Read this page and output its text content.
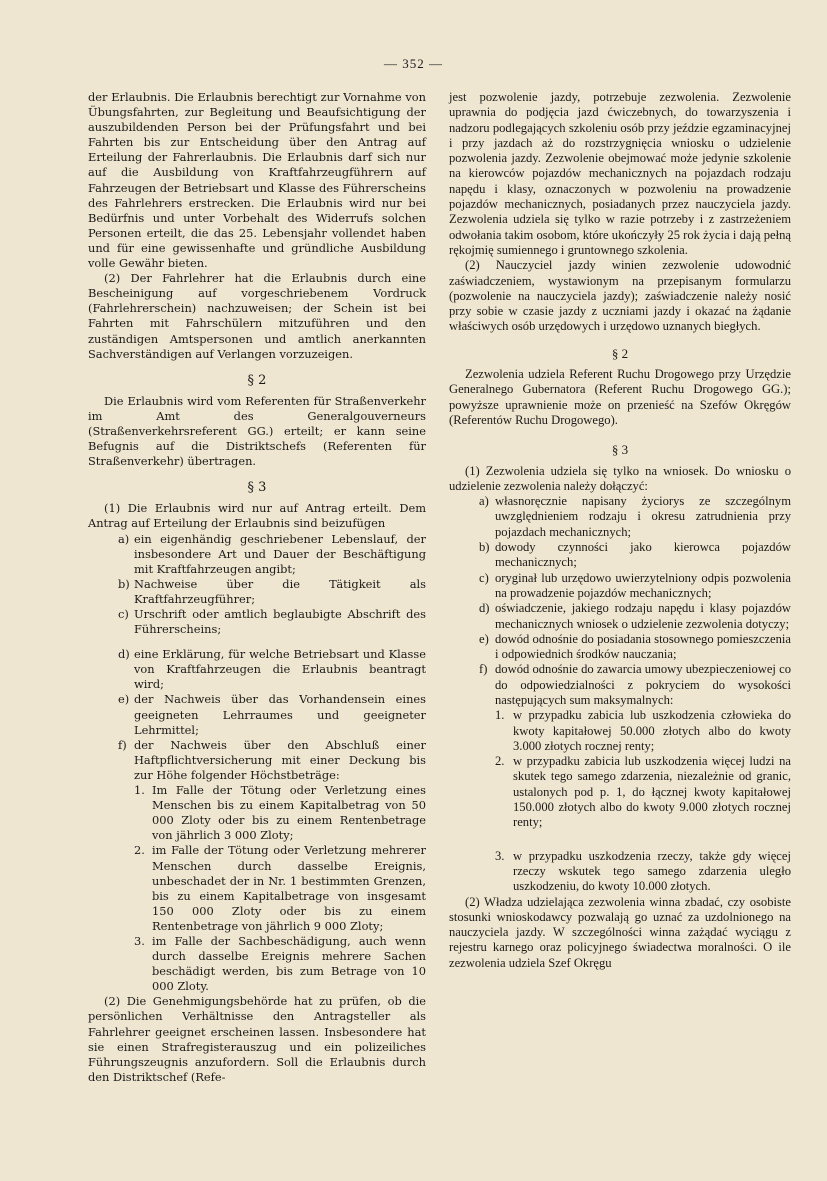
— 352 —

der Erlaubnis. Die Erlaubnis berechtigt zur Vornahme von Übungsfahrten, zur Begleitung und Beaufsichtigung der auszubildenden Person bei der Prüfungsfahrt und bei Fahrten bis zur Entscheidung über den Antrag auf Erteilung der Fahrerlaubnis. Die Erlaubnis darf sich nur auf die Ausbildung von Kraftfahrzeugführern auf Fahrzeugen der Betriebsart und Klasse des Führerscheins des Fahrlehrers erstrecken. Die Erlaubnis wird nur bei Bedürfnis und unter Vorbehalt des Widerrufs solchen Personen erteilt, die das 25. Lebensjahr vollendet haben und für eine gewissenhafte und gründliche Ausbildung volle Gewähr bieten.

(2) Der Fahrlehrer hat die Erlaubnis durch eine Bescheinigung auf vorgeschriebenem Vordruck (Fahrlehrerschein) nachzuweisen; der Schein ist bei Fahrten mit Fahrschülern mitzuführen und den zuständigen Amtspersonen und amtlich anerkannten Sachverständigen auf Verlangen vorzuzeigen.

§ 2

Die Erlaubnis wird vom Referenten für Straßenverkehr im Amt des Generalgouverneurs (Straßenverkehrsreferent GG.) erteilt; er kann seine Befugnis auf die Distriktschefs (Referenten für Straßenverkehr) übertragen.

§ 3

(1) Die Erlaubnis wird nur auf Antrag erteilt. Dem Antrag auf Erteilung der Erlaubnis sind beizufügen

a) ein eigenhändig geschriebener Lebenslauf, der insbesondere Art und Dauer der Beschäftigung mit Kraftfahrzeugen angibt;
b) Nachweise über die Tätigkeit als Kraftfahrzeugführer;
c) Urschrift oder amtlich beglaubigte Abschrift des Führerscheins;
d) eine Erklärung, für welche Betriebsart und Klasse von Kraftfahrzeugen die Erlaubnis beantragt wird;
e) der Nachweis über das Vorhandensein eines geeigneten Lehrraumes und geeigneter Lehrmittel;
f) der Nachweis über den Abschluß einer Haftpflichtversicherung mit einer Deckung bis zur Höhe folgender Höchstbeträge:
1. Im Falle der Tötung oder Verletzung eines Menschen bis zu einem Kapitalbetrag von 50 000 Zloty oder bis zu einem Rentenbetrage von jährlich 3 000 Zloty;
2. im Falle der Tötung oder Verletzung mehrerer Menschen durch dasselbe Ereignis, unbeschadet der in Nr. 1 bestimmten Grenzen, bis zu einem Kapitalbetrage von insgesamt 150 000 Zloty oder bis zu einem Rentenbetrage von jährlich 9 000 Zloty;
3. im Falle der Sachbeschädigung, auch wenn durch dasselbe Ereignis mehrere Sachen beschädigt werden, bis zum Betrage von 10 000 Zloty.

(2) Die Genehmigungsbehörde hat zu prüfen, ob die persönlichen Verhältnisse den Antragsteller als Fahrlehrer geeignet erscheinen lassen. Insbesondere hat sie einen Strafregisterauszug und ein polizeiliches Führungszeugnis anzufordern. Soll die Erlaubnis durch den Distriktschef (Refe-

jest pozwolenie jazdy, potrzebuje zezwolenia. Zezwolenie uprawnia do podjęcia jazd ćwiczebnych, do towarzyszenia i nadzoru podlegających szkoleniu osób przy jeździe egzaminacyjnej i przy jazdach aż do rozstrzygnięcia wniosku o udzielenie pozwolenia jazdy. Zezwolenie obejmować może jedynie szkolenie na kierowców pojazdów mechanicznych na pojazdach rodzaju napędu i klasy, oznaczonych w pozwoleniu na prowadzenie pojazdów mechanicznych, posiadanych przez nauczyciela jazdy. Zezwolenia udziela się tylko w razie potrzeby i z zastrzeżeniem odwołania takim osobom, które ukończyły 25 rok życia i dają pełną rękojmię sumiennego i gruntownego szkolenia.

(2) Nauczyciel jazdy winien zezwolenie udowodnić zaświadczeniem, wystawionym na przepisanym formularzu (pozwolenie na nauczyciela jazdy); zaświadczenie należy nosić przy sobie w czasie jazdy z uczniami jazdy i okazać na żądanie właściwych osób urzędowych i urzędowo uznanych biegłych.

§ 2

Zezwolenia udziela Referent Ruchu Drogowego przy Urzędzie Generalnego Gubernatora (Referent Ruchu Drogowego GG.); powyższe uprawnienie może on przenieść na Szefów Okręgów (Referentów Ruchu Drogowego).

§ 3

(1) Zezwolenia udziela się tylko na wniosek. Do wniosku o udzielenie zezwolenia należy dołączyć:

a) własnoręcznie napisany życiorys ze szczególnym uwzględnieniem rodzaju i okresu zatrudnienia przy pojazdach mechanicznych;
b) dowody czynności jako kierowca pojazdów mechanicznych;
c) oryginał lub urzędowo uwierzytelniony odpis pozwolenia na prowadzenie pojazdów mechanicznych;
d) oświadczenie, jakiego rodzaju napędu i klasy pojazdów mechanicznych wniosek o udzielenie zezwolenia dotyczy;
e) dowód odnośnie do posiadania stosownego pomieszczenia i odpowiednich środków nauczania;
f) dowód odnośnie do zawarcia umowy ubezpieczeniowej co do odpowiedzialności z pokryciem do wysokości następujących sum maksymalnych:
1. w przypadku zabicia lub uszkodzenia człowieka do kwoty kapitałowej 50.000 złotych albo do kwoty 3.000 złotych rocznej renty;
2. w przypadku zabicia lub uszkodzenia więcej ludzi na skutek tego samego zdarzenia, niezależnie od granic, ustalonych pod p. 1, do łącznej kwoty kapitałowej 150.000 złotych albo do kwoty 9.000 złotych rocznej renty;
3. w przypadku uszkodzenia rzeczy, także gdy więcej rzeczy wskutek tego samego zdarzenia uległo uszkodzeniu, do kwoty 10.000 złotych.

(2) Władza udzielająca zezwolenia winna zbadać, czy osobiste stosunki wnioskodawcy pozwalają go uznać za uzdolnionego na nauczyciela jazdy. W szczególności winna zażądać wyciągu z rejestru karnego oraz policyjnego świadectwa moralności. O ile zezwolenia udziela Szef Okręgu
